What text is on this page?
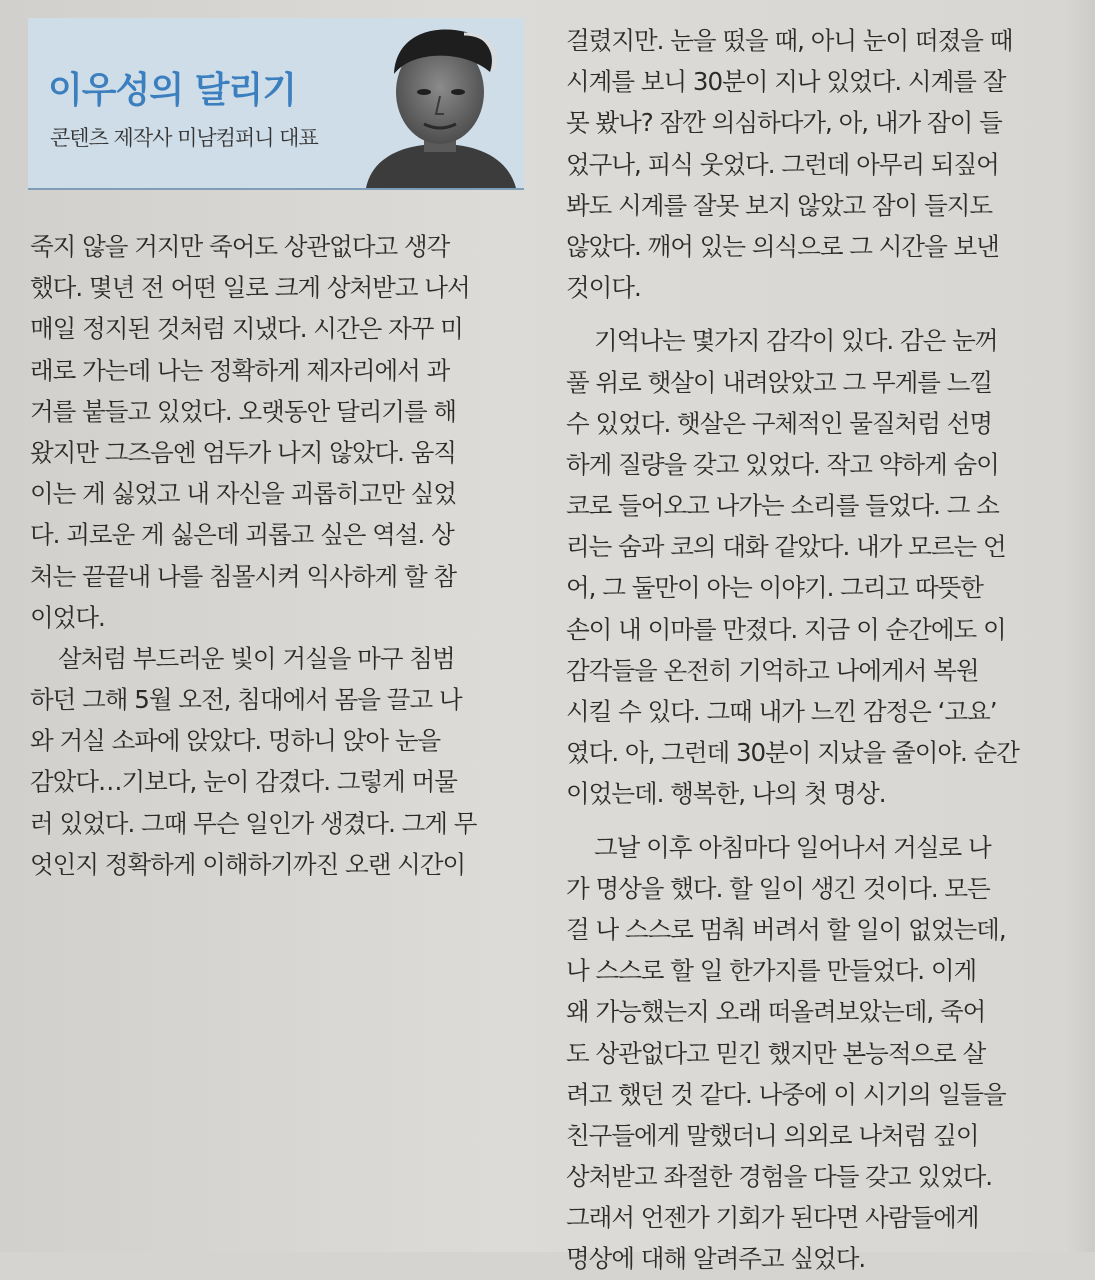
이우성의 달리기
콘텐츠 제작사 미남컴퍼니 대표
죽지 않을 거지만 죽어도 상관없다고 생각
했다. 몇년 전 어떤 일로 크게 상처받고 나서
매일 정지된 것처럼 지냈다. 시간은 자꾸 미
래로 가는데 나는 정확하게 제자리에서 과
거를 붙들고 있었다. 오랫동안 달리기를 해
왔지만 그즈음엔 엄두가 나지 않았다. 움직
이는 게 싫었고 내 자신을 괴롭히고만 싶었
다. 괴로운 게 싫은데 괴롭고 싶은 역설. 상
처는 끝끝내 나를 침몰시켜 익사하게 할 참
이었다.
살처럼 부드러운 빛이 거실을 마구 침범
하던 그해 5월 오전, 침대에서 몸을 끌고 나
와 거실 소파에 앉았다. 멍하니 앉아 눈을
감았다…기보다, 눈이 감겼다. 그렇게 머물
러 있었다. 그때 무슨 일인가 생겼다. 그게 무
엇인지 정확하게 이해하기까진 오랜 시간이
걸렸지만. 눈을 떴을 때, 아니 눈이 떠졌을 때
시계를 보니 30분이 지나 있었다. 시계를 잘
못 봤나? 잠깐 의심하다가, 아, 내가 잠이 들
었구나, 피식 웃었다. 그런데 아무리 되짚어
봐도 시계를 잘못 보지 않았고 잠이 들지도
않았다. 깨어 있는 의식으로 그 시간을 보낸
것이다.
기억나는 몇가지 감각이 있다. 감은 눈꺼
풀 위로 햇살이 내려앉았고 그 무게를 느낄
수 있었다. 햇살은 구체적인 물질처럼 선명
하게 질량을 갖고 있었다. 작고 약하게 숨이
코로 들어오고 나가는 소리를 들었다. 그 소
리는 숨과 코의 대화 같았다. 내가 모르는 언
어, 그 둘만이 아는 이야기. 그리고 따뜻한
손이 내 이마를 만졌다. 지금 이 순간에도 이
감각들을 온전히 기억하고 나에게서 복원
시킬 수 있다. 그때 내가 느낀 감정은 ‘고요’
였다. 아, 그런데 30분이 지났을 줄이야. 순간
이었는데. 행복한, 나의 첫 명상.
그날 이후 아침마다 일어나서 거실로 나
가 명상을 했다. 할 일이 생긴 것이다. 모든
걸 나 스스로 멈춰 버려서 할 일이 없었는데,
나 스스로 할 일 한가지를 만들었다. 이게
왜 가능했는지 오래 떠올려보았는데, 죽어
도 상관없다고 믿긴 했지만 본능적으로 살
려고 했던 것 같다. 나중에 이 시기의 일들을
친구들에게 말했더니 의외로 나처럼 깊이
상처받고 좌절한 경험을 다들 갖고 있었다.
그래서 언젠가 기회가 된다면 사람들에게
명상에 대해 알려주고 싶었다.
